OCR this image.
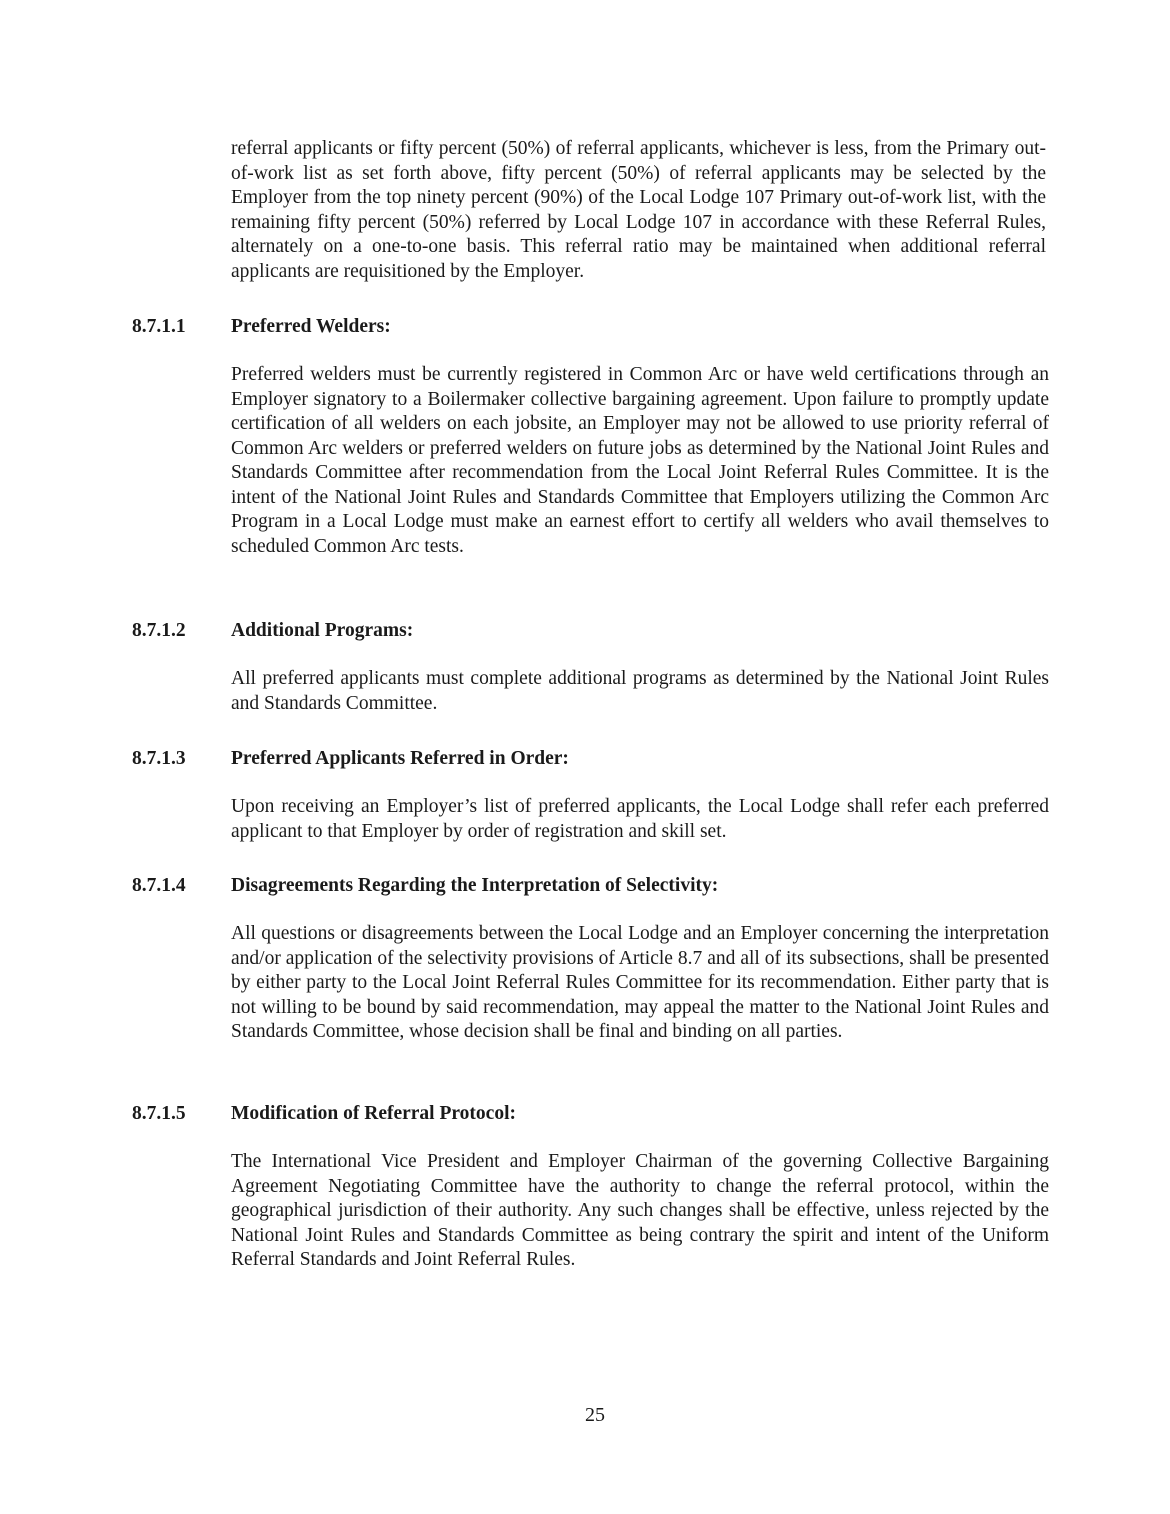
referral applicants or fifty percent (50%) of referral applicants, whichever is less, from the Primary out-of-work list as set forth above, fifty percent (50%) of referral applicants may be selected by the Employer from the top ninety percent (90%) of the Local Lodge 107 Primary out-of-work list, with the remaining fifty percent (50%) referred by Local Lodge 107 in accordance with these Referral Rules, alternately on a one-to-one basis. This referral ratio may be maintained when additional referral applicants are requisitioned by the Employer.

8.7.1.1 Preferred Welders:
Preferred welders must be currently registered in Common Arc or have weld certifications through an Employer signatory to a Boilermaker collective bargaining agreement. Upon failure to promptly update certification of all welders on each jobsite, an Employer may not be allowed to use priority referral of Common Arc welders or preferred welders on future jobs as determined by the National Joint Rules and Standards Committee after recommendation from the Local Joint Referral Rules Committee. It is the intent of the National Joint Rules and Standards Committee that Employers utilizing the Common Arc Program in a Local Lodge must make an earnest effort to certify all welders who avail themselves to scheduled Common Arc tests.
8.7.1.2 Additional Programs:
All preferred applicants must complete additional programs as determined by the National Joint Rules and Standards Committee.
8.7.1.3 Preferred Applicants Referred in Order:
Upon receiving an Employer’s list of preferred applicants, the Local Lodge shall refer each preferred applicant to that Employer by order of registration and skill set.
8.7.1.4 Disagreements Regarding the Interpretation of Selectivity:
All questions or disagreements between the Local Lodge and an Employer concerning the interpretation and/or application of the selectivity provisions of Article 8.7 and all of its subsections, shall be presented by either party to the Local Joint Referral Rules Committee for its recommendation. Either party that is not willing to be bound by said recommendation, may appeal the matter to the National Joint Rules and Standards Committee, whose decision shall be final and binding on all parties.
8.7.1.5 Modification of Referral Protocol:
The International Vice President and Employer Chairman of the governing Collective Bargaining Agreement Negotiating Committee have the authority to change the referral protocol, within the geographical jurisdiction of their authority. Any such changes shall be effective, unless rejected by the National Joint Rules and Standards Committee as being contrary the spirit and intent of the Uniform Referral Standards and Joint Referral Rules.
25
